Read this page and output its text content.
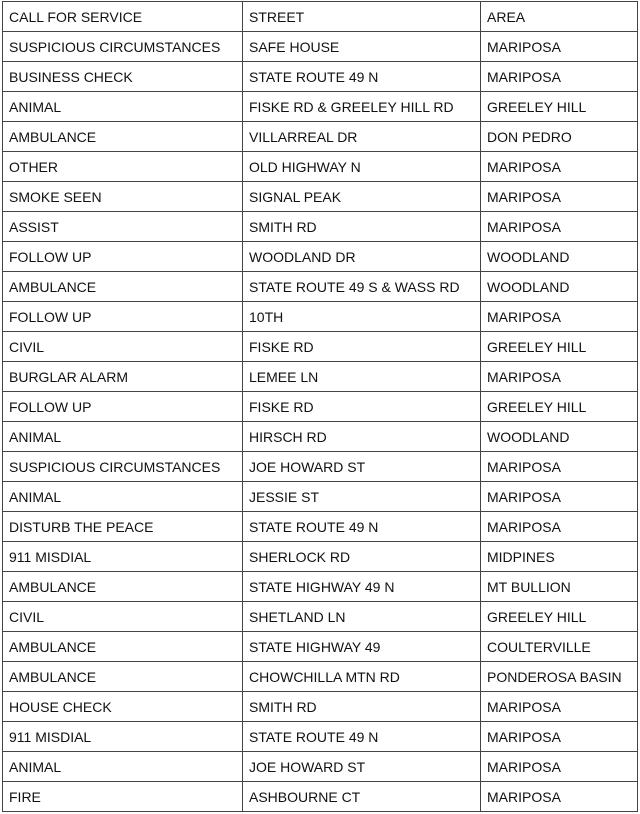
CALL FOR SERVICE	STREET	AREA
SUSPICIOUS CIRCUMSTANCES	SAFE HOUSE	MARIPOSA
BUSINESS CHECK	STATE ROUTE 49 N	MARIPOSA
ANIMAL	FISKE RD & GREELEY HILL RD	GREELEY HILL
AMBULANCE	VILLARREAL DR	DON PEDRO
OTHER	OLD HIGHWAY N	MARIPOSA
SMOKE SEEN	SIGNAL PEAK	MARIPOSA
ASSIST	SMITH RD	MARIPOSA
FOLLOW UP	WOODLAND DR	WOODLAND
AMBULANCE	STATE ROUTE 49 S & WASS RD	WOODLAND
FOLLOW UP	10TH	MARIPOSA
CIVIL	FISKE RD	GREELEY HILL
BURGLAR ALARM	LEMEE LN	MARIPOSA
FOLLOW UP	FISKE RD	GREELEY HILL
ANIMAL	HIRSCH RD	WOODLAND
SUSPICIOUS CIRCUMSTANCES	JOE HOWARD ST	MARIPOSA
ANIMAL	JESSIE ST	MARIPOSA
DISTURB THE PEACE	STATE ROUTE 49 N	MARIPOSA
911 MISDIAL	SHERLOCK RD	MIDPINES
AMBULANCE	STATE HIGHWAY 49 N	MT BULLION
CIVIL	SHETLAND LN	GREELEY HILL
AMBULANCE	STATE HIGHWAY 49	COULTERVILLE
AMBULANCE	CHOWCHILLA MTN RD	PONDEROSA BASIN
HOUSE CHECK	SMITH RD	MARIPOSA
911 MISDIAL	STATE ROUTE 49 N	MARIPOSA
ANIMAL	JOE HOWARD ST	MARIPOSA
FIRE	ASHBOURNE CT	MARIPOSA
